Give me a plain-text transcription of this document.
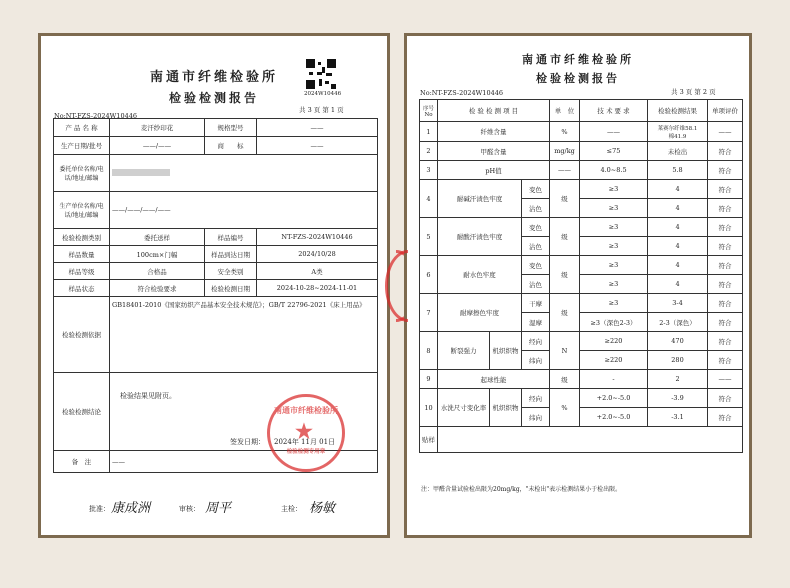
南通市纤维检验所
检验检测报告	2024W10446
No:NT-FZS-2024W10446
共 3 页 第 1 页
产 品 名 称	麦汗纱印花	规格型号	——
生产日期/批号	——/——	商　　标	——
委托单位名称/电话/地址/邮编			
生产单位名称/电话/地址/邮编	——/——/——/——		
检验检测类别	委托送样	样品编号	NT-FZS-2024W10446
样品数量	100cm×门幅	样品到达日期	2024/10/28
样品等级	合格品	安全类别	A类
样品状态	符合检验要求	检验检测日期	2024-10-28~2024-11-01
检验检测依据	GB18401-2010《国家纺织产品基本安全技术规范》；GB/T 22796-2021《床上用品》		
检验检测结论	检验结果见附页。
签发日期： 2024年 11月 01日		

备　注	——		
批准： 康成洲	审核： 周平	主检： 杨敏
南通市纤维检验所
★
检验检测专用章
南通市纤维检验所
检验检测报告
No:NT-FZS-2024W10446	共 3 页 第 2 页
序号
No	检 验 检 测 项 目			单　位	技 术 要 求	检验检测结果	单项评价
1	纤维含量			%	——	莱赛尔纤维58.1
棉41.9	——
2	甲醛含量			mg/kg	≤75	未检出	符合
3	pH值			——	4.0~8.5	5.8	符合
4	耐碱汗渍色牢度		变色	级	≥3	4	符合
			沾色		≥3	4	符合
5	耐酸汗渍色牢度		变色	级	≥3	4	符合
			沾色		≥3	4	符合
6	耐水色牢度		变色	级	≥3	4	符合
			沾色		≥3	4	符合
7	耐摩擦色牢度		干摩	级	≥3	3-4	符合
			湿摩		≥3（深色2-3）	2-3（深色）	符合
8	断裂强力	机织织物	经向	N	≥220	470	符合
			纬向		≥220	280	符合
9	起球性能			级	-	2	——
10	水洗尺寸变化率	机织织物	经向	%	+2.0~-5.0	-3.9	符合
			纬向		+2.0~-5.0	-3.1	符合
贴样							
注：甲醛含量试验检出限为20mg/kg，"未检出"表示检测结果小于检出限。
